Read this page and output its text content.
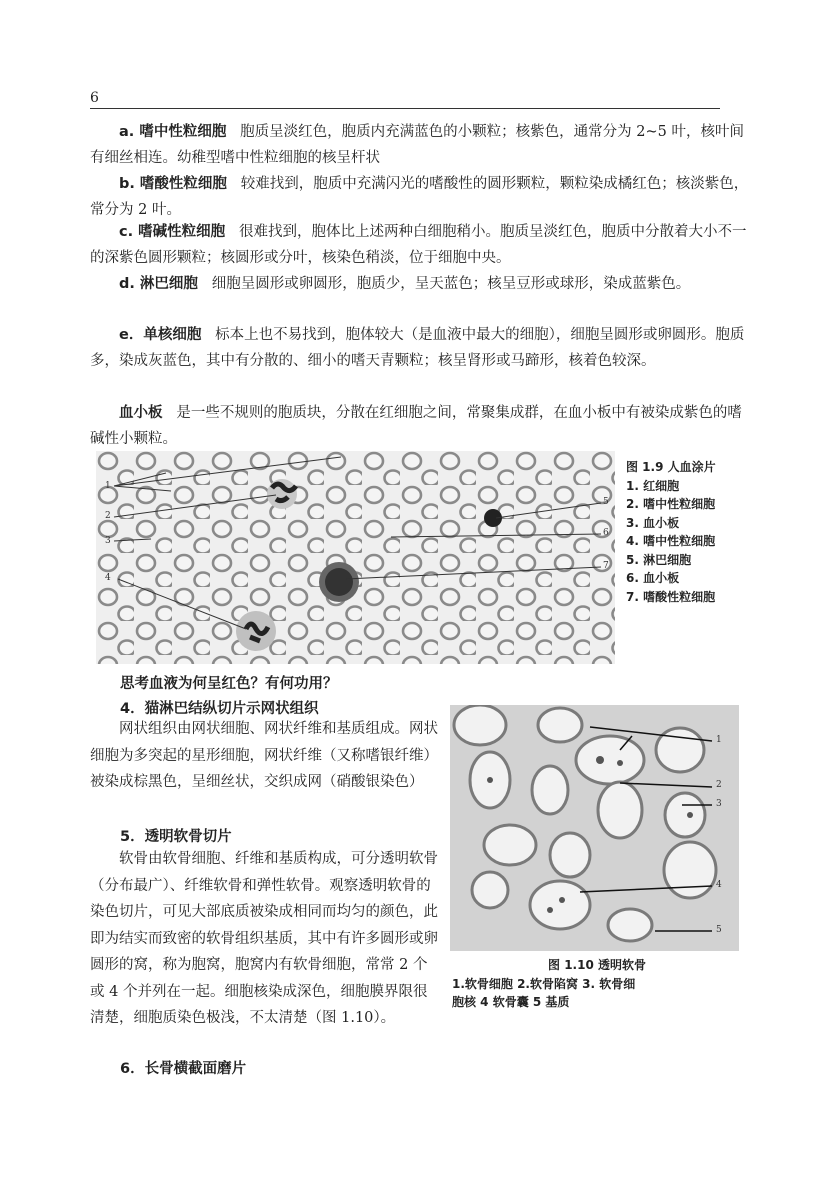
6
a. 嗜中性粒细胞 胞质呈淡红色，胞质内充满蓝色的小颗粒；核紫色，通常分为 2~5 叶，核叶间有细丝相连。幼稚型嗜中性粒细胞的核呈杆状
b. 嗜酸性粒细胞 较难找到，胞质中充满闪光的嗜酸性的圆形颗粒，颗粒染成橘红色；核淡紫色，常分为 2 叶。
c. 嗜碱性粒细胞 很难找到，胞体比上述两种白细胞稍小。胞质呈淡红色，胞质中分散着大小不一的深紫色圆形颗粒；核圆形或分叶，核染色稍淡，位于细胞中央。
d. 淋巴细胞 细胞呈圆形或卵圆形，胞质少，呈天蓝色；核呈豆形或球形，染成蓝紫色。
e．单核细胞 标本上也不易找到，胞体较大（是血液中最大的细胞），细胞呈圆形或卵圆形。胞质多，染成灰蓝色，其中有分散的、细小的嗜天青颗粒；核呈肾形或马蹄形，核着色较深。
血小板 是一些不规则的胞质块，分散在红细胞之间，常聚集成群，在血小板中有被染成紫色的嗜碱性小颗粒。
1
2
3
4
5
6
7
图 1.9 人血涂片
1. 红细胞
2. 嗜中性粒细胞
3. 血小板
4. 嗜中性粒细胞
5. 淋巴细胞
6. 血小板
7. 嗜酸性粒细胞
思考血液为何呈红色？有何功用？
4．猫淋巴结纵切片示网状组织
网状组织由网状细胞、网状纤维和基质组成。网状细胞为多突起的星形细胞，网状纤维（又称嗜银纤维）被染成棕黑色，呈细丝状，交织成网（硝酸银染色）
5．透明软骨切片
软骨由软骨细胞、纤维和基质构成，可分透明软骨（分布最广）、纤维软骨和弹性软骨。观察透明软骨的染色切片，可见大部底质被染成相同而均匀的颜色，此即为结实而致密的软骨组织基质，其中有许多圆形或卵圆形的窝，称为胞窝，胞窝内有软骨细胞，常常 2 个或 4 个并列在一起。细胞核染成深色，细胞膜界限很清楚，细胞质染色极浅，不太清楚（图 1.10）。
1
2
3
4
5
图 1.10 透明软骨
1.软骨细胞 2.软骨陷窝 3. 软骨细
胞核 4 软骨囊 5 基质
6．长骨横截面磨片
